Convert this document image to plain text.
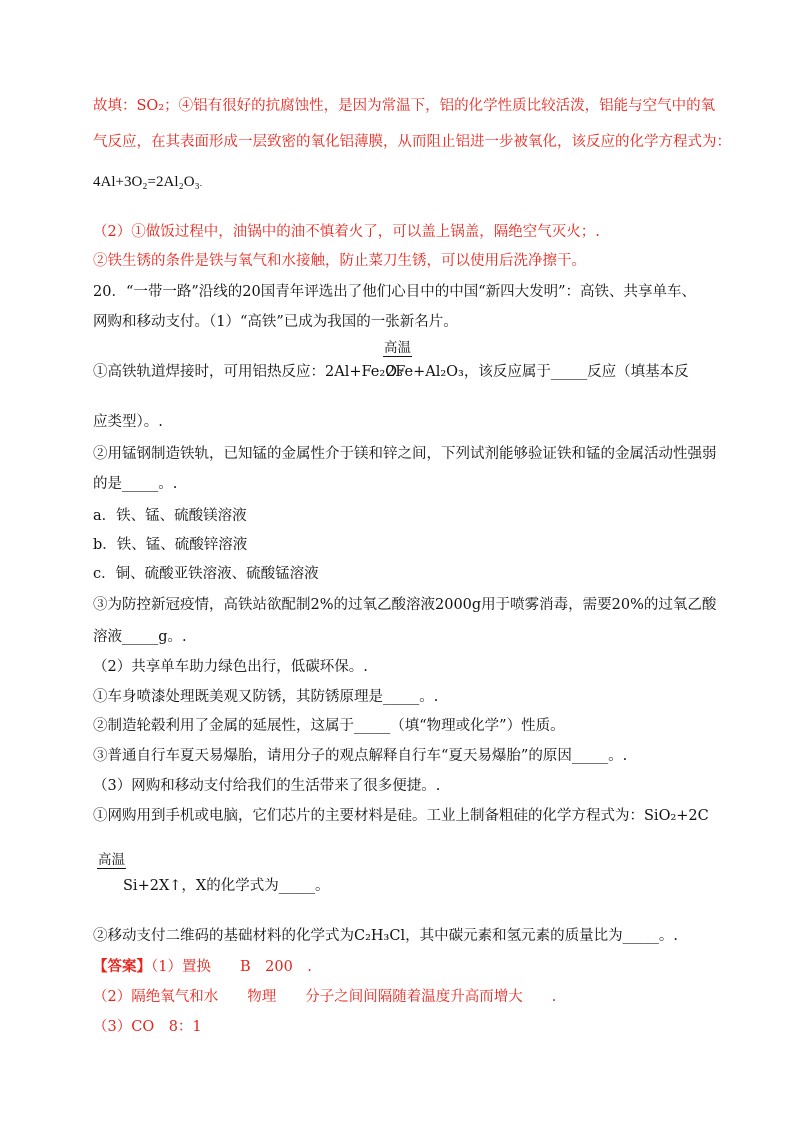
故填：SO₂；④铝有很好的抗腐蚀性，是因为常温下，铝的化学性质比较活泼，铝能与空气中的氧
气反应，在其表面形成一层致密的氧化铝薄膜，从而阻止铝进一步被氧化，该反应的化学方程式为：
4Al+3O₂=2Al₂O₃.
（2）①做饭过程中，油锅中的油不慎着火了，可以盖上锅盖，隔绝空气灭火；.
②铁生锈的条件是铁与氧气和水接触，防止菜刀生锈，可以使用后洗净擦干。
20．“一带一路”沿线的20国青年评选出了他们心目中的中国“新四大发明”：高铁、共享单车、
网购和移动支付。（1）“高铁”已成为我国的一张新名片。
高温
①高铁轨道焊接时，可用铝热反应：2Al+Fe₂O₃
2Fe+Al₂O₃，该反应属于_____反应（填基本反
应类型）。.
②用锰钢制造铁轨，已知锰的金属性介于镁和锌之间，下列试剂能够验证铁和锰的金属活动性强弱
的是_____。.
a．铁、锰、硫酸镁溶液
b．铁、锰、硫酸锌溶液
c．铜、硫酸亚铁溶液、硫酸锰溶液
③为防控新冠疫情，高铁站欲配制2%的过氧乙酸溶液2000g用于喷雾消毒，需要20%的过氧乙酸
溶液_____g。.
（2）共享单车助力绿色出行，低碳环保。.
①车身喷漆处理既美观又防锈，其防锈原理是_____。.
②制造轮毂利用了金属的延展性，这属于_____（填“物理或化学”）性质。
③普通自行车夏天易爆胎，请用分子的观点解释自行车“夏天易爆胎”的原因_____。.
（3）网购和移动支付给我们的生活带来了很多便捷。.
①网购用到手机或电脑，它们芯片的主要材料是硅。工业上制备粗硅的化学方程式为：SiO₂+2C
高温
Si+2X↑，X的化学式为_____。
②移动支付二维码的基础材料的化学式为C₂H₃Cl，其中碳元素和氢元素的质量比为_____。.
【答案】（1）置换　　B　200　.
（2）隔绝氧气和水　　物理　　分子之间间隔随着温度升高而增大　　.
（3）CO　8：1
